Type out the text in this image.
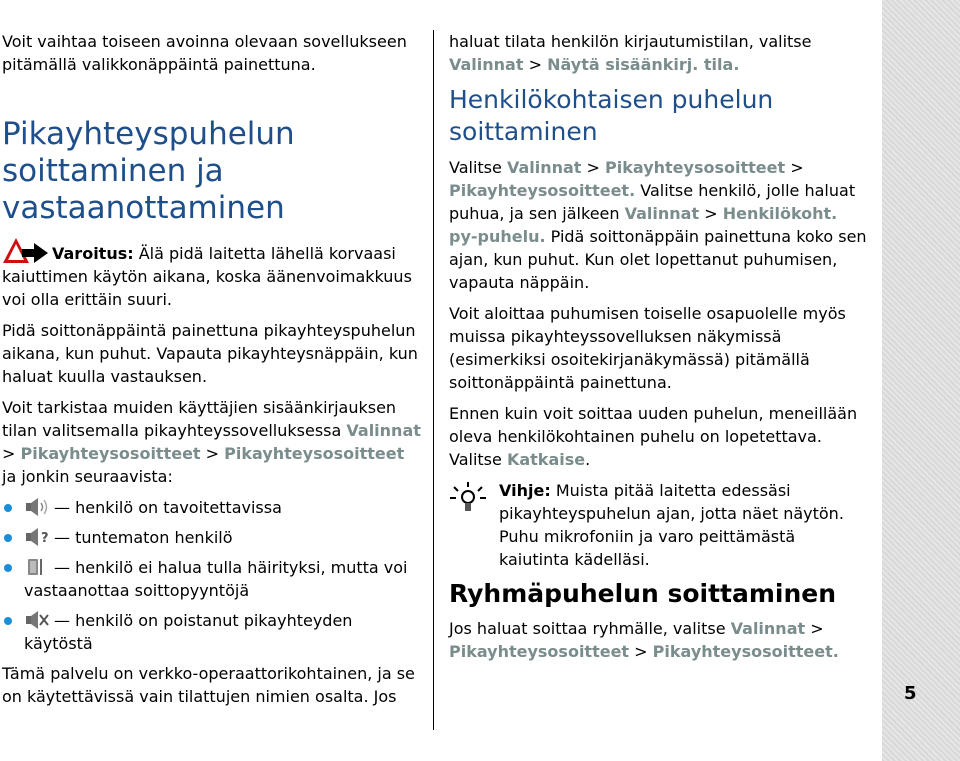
Voit vaihtaa toiseen avoinna olevaan sovellukseen pitämällä valikkonäppäintä painettuna.

Pikayhteyspuhelun soittaminen ja vastaanottaminen

Varoitus: Älä pidä laitetta lähellä korvaasi kaiuttimen käytön aikana, koska äänenvoimakkuus voi olla erittäin suuri.

Pidä soittonäppäintä painettuna pikayhteyspuhelun aikana, kun puhut. Vapauta pikayhteysnäppäin, kun haluat kuulla vastauksen.

Voit tarkistaa muiden käyttäjien sisäänkirjauksen tilan valitsemalla pikayhteyssovelluksessa Valinnat > Pikayhteysosoitteet > Pikayhteysosoitteet ja jonkin seuraavista:

— henkilö on tavoitettavissa
? — tuntematon henkilö
— henkilö ei halua tulla häirityksi, mutta voi vastaanottaa soittopyyntöjä
— henkilö on poistanut pikayhteyden käytöstä

Tämä palvelu on verkko-operaattorikohtainen, ja se on käytettävissä vain tilattujen nimien osalta. Jos

haluat tilata henkilön kirjautumistilan, valitse Valinnat > Näytä sisäänkirj. tila.

Henkilökohtaisen puhelun soittaminen

Valitse Valinnat > Pikayhteysosoitteet > Pikayhteysosoitteet. Valitse henkilö, jolle haluat puhua, ja sen jälkeen Valinnat > Henkilökoht. py-puhelu. Pidä soittonäppäin painettuna koko sen ajan, kun puhut. Kun olet lopettanut puhumisen, vapauta näppäin.

Voit aloittaa puhumisen toiselle osapuolelle myös muissa pikayhteyssovelluksen näkymissä (esimerkiksi osoitekirjanäkymässä) pitämällä soittonäppäintä painettuna.

Ennen kuin voit soittaa uuden puhelun, meneillään oleva henkilökohtainen puhelu on lopetettava. Valitse Katkaise.

Vihje: Muista pitää laitetta edessäsi pikayhteyspuhelun ajan, jotta näet näytön. Puhu mikrofoniin ja varo peittämästä kaiutinta kädelläsi.
Ryhmäpuhelun soittaminen

Jos haluat soittaa ryhmälle, valitse Valinnat > Pikayhteysosoitteet > Pikayhteysosoitteet.

5
